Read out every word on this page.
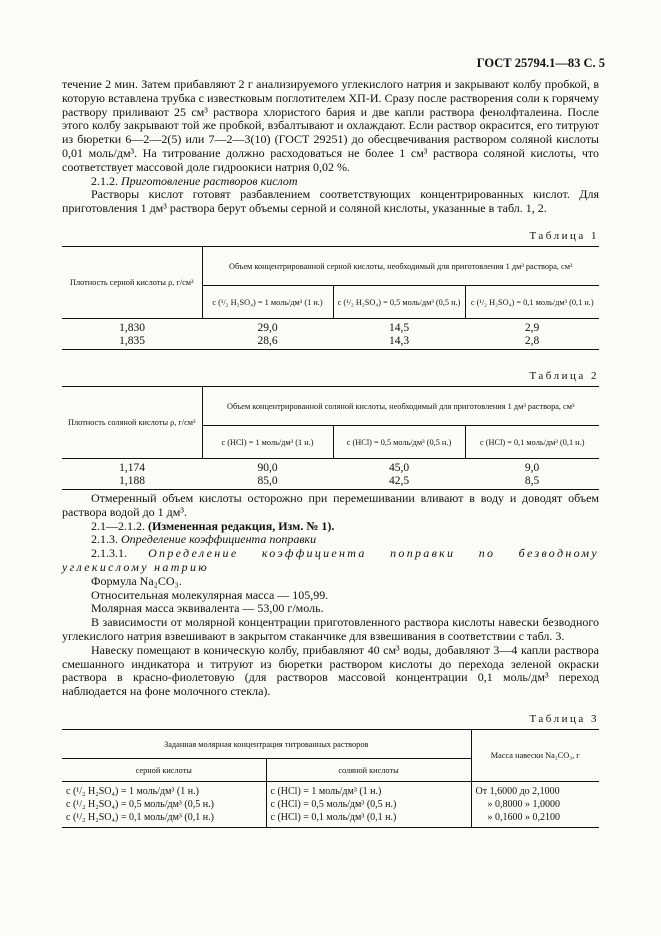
ГОСТ 25794.1—83 С. 5

течение 2 мин. Затем прибавляют 2 г анализируемого углекислого натрия и закрывают колбу пробкой, в которую вставлена трубка с известковым поглотителем ХП-И. Сразу после растворения соли к горячему раствору приливают 25 см³ раствора хлористого бария и две капли раствора фенолфталеина. После этого колбу закрывают той же пробкой, взбалтывают и охлаждают. Если раствор окрасится, его титруют из бюретки 6—2—2(5) или 7—2—3(10) (ГОСТ 29251) до обесцвечивания раствором соляной кислоты 0,01 моль/дм³. На титрование должно расходоваться не более 1 см³ раствора соляной кислоты, что соответствует массовой доле гидроокиси натрия 0,02 %.

2.1.2. Приготовление растворов кислот

Растворы кислот готовят разбавлением соответствующих концентрированных кислот. Для приготовления 1 дм³ раствора берут объемы серной и соляной кислоты, указанные в табл. 1, 2.

Таблица 1
Плотность серной кислоты ρ, г/см³	Объем концентрированной серной кислоты, необходимый для приготовления 1 дм³ раствора, см³		
	c (¹/₂ H₂SO₄) = 1 моль/дм³ (1 н.)	c (¹/₂ H₂SO₄) = 0,5 моль/дм³ (0,5 н.)	c (¹/₂ H₂SO₄) = 0,1 моль/дм³ (0,1 н.)
1,830	29,0	14,5	2,9
1,835	28,6	14,3	2,8
Таблица 2
Плотность соляной кислоты ρ, г/см³	Объем концентрированной соляной кислоты, необходимый для приготовления 1 дм³ раствора, см³		
	c (HCl) = 1 моль/дм³ (1 н.)	c (HCl) = 0,5 моль/дм³ (0,5 н.)	c (HCl) = 0,1 моль/дм³ (0,1 н.)
1,174	90,0	45,0	9,0
1,188	85,0	42,5	8,5

Отмеренный объем кислоты осторожно при перемешивании вливают в воду и доводят объем раствора водой до 1 дм³.

2.1—2.1.2. (Измененная редакция, Изм. № 1).

2.1.3. Определение коэффициента поправки

2.1.3.1. Определение коэффициента поправки по безводному углекислому натрию

Формула Na₂CO₃.

Относительная молекулярная масса — 105,99.

Молярная масса эквивалента — 53,00 г/моль.

В зависимости от молярной концентрации приготовленного раствора кислоты навески безводного углекислого натрия взвешивают в закрытом стаканчике для взвешивания в соответствии с табл. 3.

Навеску помещают в коническую колбу, прибавляют 40 см³ воды, добавляют 3—4 капли раствора смешанного индикатора и титруют из бюретки раствором кислоты до перехода зеленой окраски раствора в красно-фиолетовую (для растворов массовой концентрации 0,1 моль/дм³ переход наблюдается на фоне молочного стекла).

Таблица 3
Заданная молярная концентрация титрованных растворов		Масса навески Na₂CO₃, г
серной кислоты	соляной кислоты	
c (¹/₂ H₂SO₄) = 1 моль/дм³ (1 н.)	c (HCl) = 1 моль/дм³ (1 н.)	От 1,6000 до 2,1000
c (¹/₂ H₂SO₄) = 0,5 моль/дм³ (0,5 н.)	c (HCl) = 0,5 моль/дм³ (0,5 н.)	» 0,8000 » 1,0000
c (¹/₂ H₂SO₄) = 0,1 моль/дм³ (0,1 н.)	c (HCl) = 0,1 моль/дм³ (0,1 н.)	» 0,1600 » 0,2100
